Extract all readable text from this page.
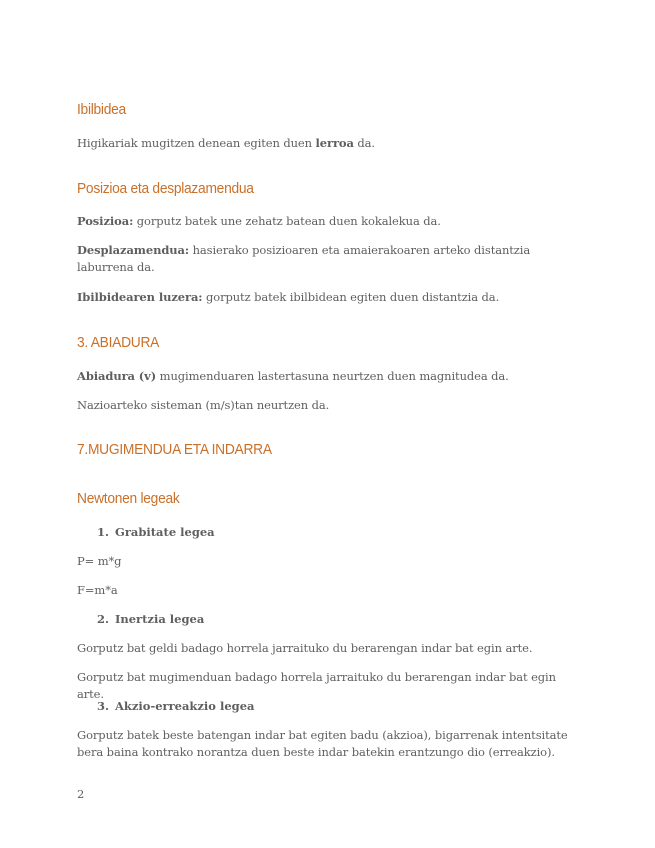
Ibilbidea

Higikariak mugitzen denean egiten duen lerroa da.

Posizioa eta desplazamendua

Posizioa: gorputz batek une zehatz batean duen kokalekua da.

Desplazamendua: hasierako posizioaren eta amaierakoaren arteko distantzia laburrena da.

Ibilbidearen luzera: gorputz batek ibilbidean egiten duen distantzia da.

3. ABIADURA

Abiadura (v) mugimenduaren lastertasuna neurtzen duen magnitudea da.

Nazioarteko sisteman (m/s)tan neurtzen da.

7.MUGIMENDUA ETA INDARRA
Newtonen legeak

1. Grabitate legea

P= m*g

F=m*a

2. Inertzia legea

Gorputz bat geldi badago horrela jarraituko du berarengan indar bat egin arte.

Gorputz bat mugimenduan badago horrela jarraituko du berarengan indar bat egin arte.

3. Akzio-erreakzio legea

Gorputz batek beste batengan indar bat egiten badu (akzioa), bigarrenak intentsitate bera baina kontrako norantza duen beste indar batekin erantzungo dio (erreakzio).

2
